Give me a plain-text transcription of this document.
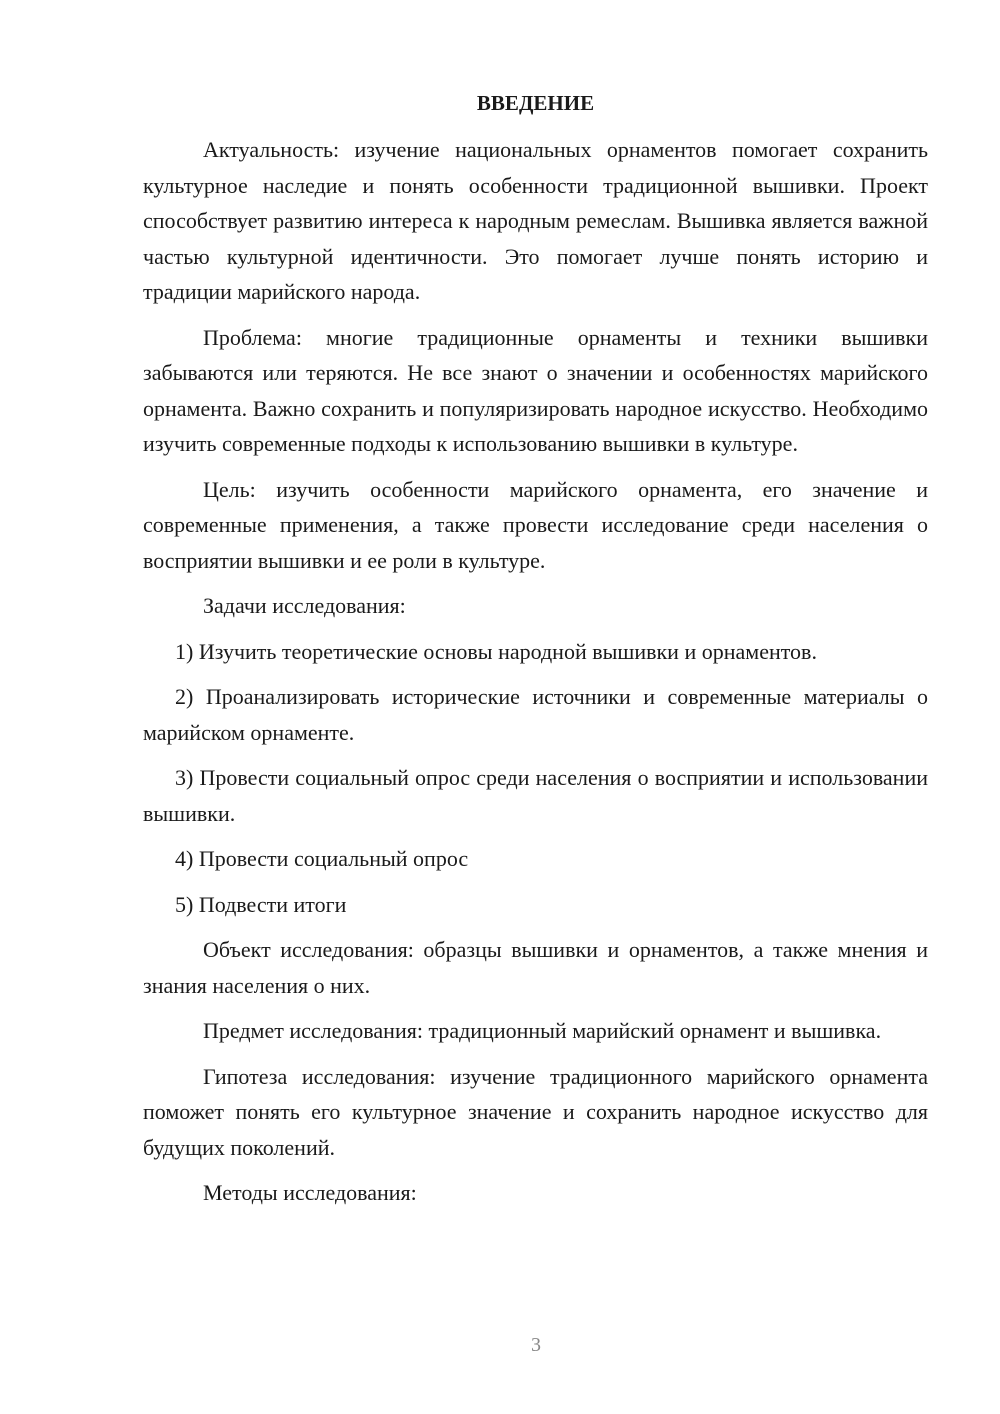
ВВЕДЕНИЕ

Актуальность: изучение национальных орнаментов помогает сохранить культурное наследие и понять особенности традиционной вышивки. Проект способствует развитию интереса к народным ремеслам. Вышивка является важной частью культурной идентичности. Это помогает лучше понять историю и традиции марийского народа.

Проблема: многие традиционные орнаменты и техники вышивки забываются или теряются. Не все знают о значении и особенностях марийского орнамента. Важно сохранить и популяризировать народное искусство. Необходимо изучить современные подходы к использованию вышивки в культуре.

Цель: изучить особенности марийского орнамента, его значение и современные применения, а также провести исследование среди населения о восприятии вышивки и ее роли в культуре.

Задачи исследования:

1) Изучить теоретические основы народной вышивки и орнаментов.

2) Проанализировать исторические источники и современные материалы о марийском орнаменте.

3) Провести социальный опрос среди населения о восприятии и использовании вышивки.

4) Провести социальный опрос

5) Подвести итоги

Объект исследования: образцы вышивки и орнаментов, а также мнения и знания населения о них.

Предмет исследования: традиционный марийский орнамент и вышивка.

Гипотеза исследования: изучение традиционного марийского орнамента поможет понять его культурное значение и сохранить народное искусство для будущих поколений.

Методы исследования:

3
